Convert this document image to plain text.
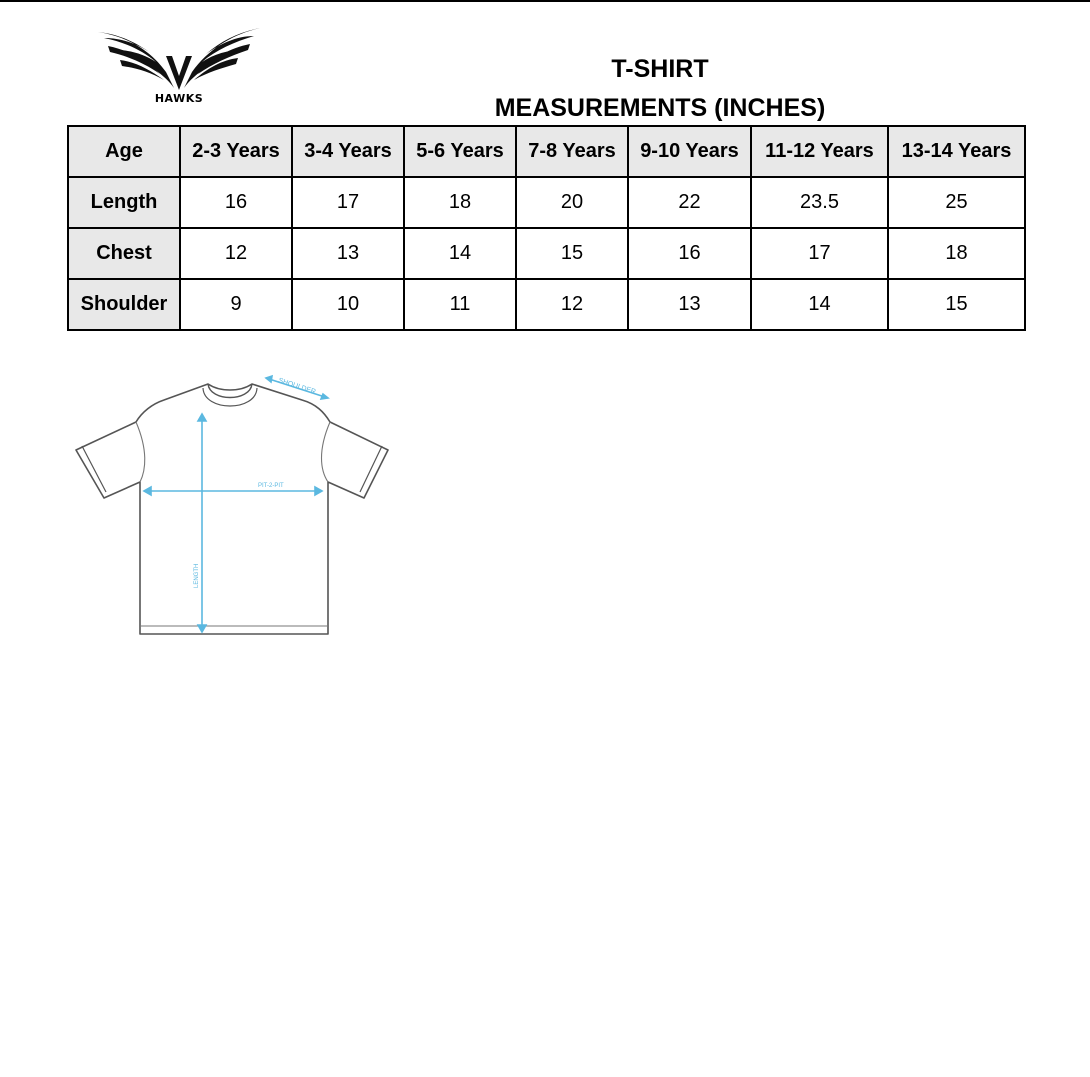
HAWKS
T-SHIRT
MEASUREMENTS (INCHES)
Age	2-3 Years	3-4 Years	5-6 Years	7-8 Years	9-10 Years	11-12 Years	13-14 Years
Length	16	17	18	20	22	23.5	25
Chest	12	13	14	15	16	17	18
Shoulder	9	10	11	12	13	14	15
SHOULDER
PIT-2-PIT
LENGTH
